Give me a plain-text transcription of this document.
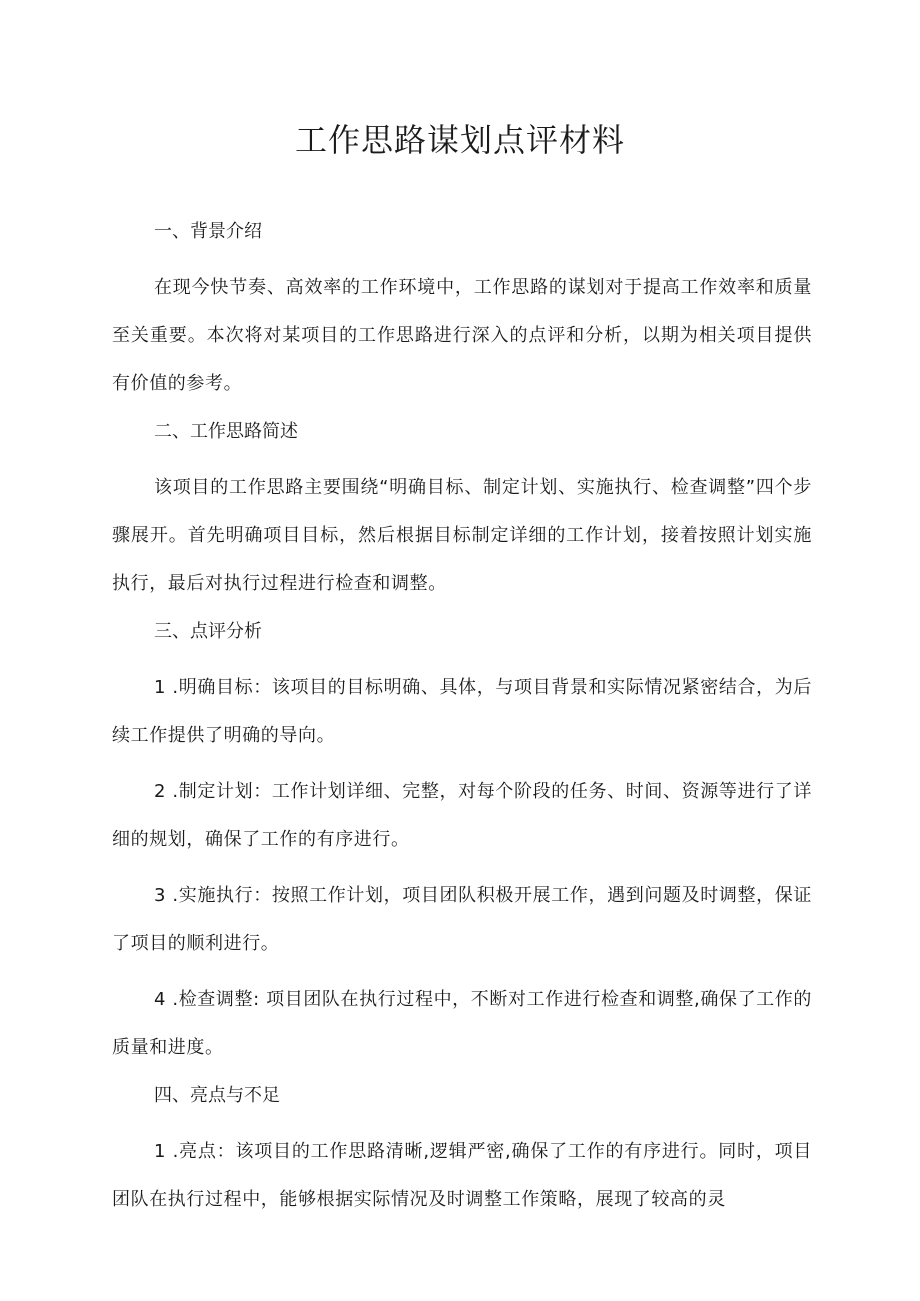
工作思路谋划点评材料
一、背景介绍

在现今快节奏、高效率的工作环境中，工作思路的谋划对于提高工作效率和质量至关重要。本次将对某项目的工作思路进行深入的点评和分析，以期为相关项目提供有价值的参考。

二、工作思路简述

该项目的工作思路主要围绕“明确目标、制定计划、实施执行、检查调整”四个步骤展开。首先明确项目目标，然后根据目标制定详细的工作计划，接着按照计划实施执行，最后对执行过程进行检查和调整。

三、点评分析

1 .明确目标：该项目的目标明确、具体，与项目背景和实际情况紧密结合，为后续工作提供了明确的导向。

2 .制定计划：工作计划详细、完整，对每个阶段的任务、时间、资源等进行了详细的规划，确保了工作的有序进行。

3 .实施执行：按照工作计划，项目团队积极开展工作，遇到问题及时调整，保证了项目的顺利进行。

4 .检查调整: 项目团队在执行过程中，不断对工作进行检查和调整,确保了工作的质量和进度。

四、亮点与不足

1 .亮点：该项目的工作思路清晰,逻辑严密,确保了工作的有序进行。同时，项目团队在执行过程中，能够根据实际情况及时调整工作策略，展现了较高的灵
